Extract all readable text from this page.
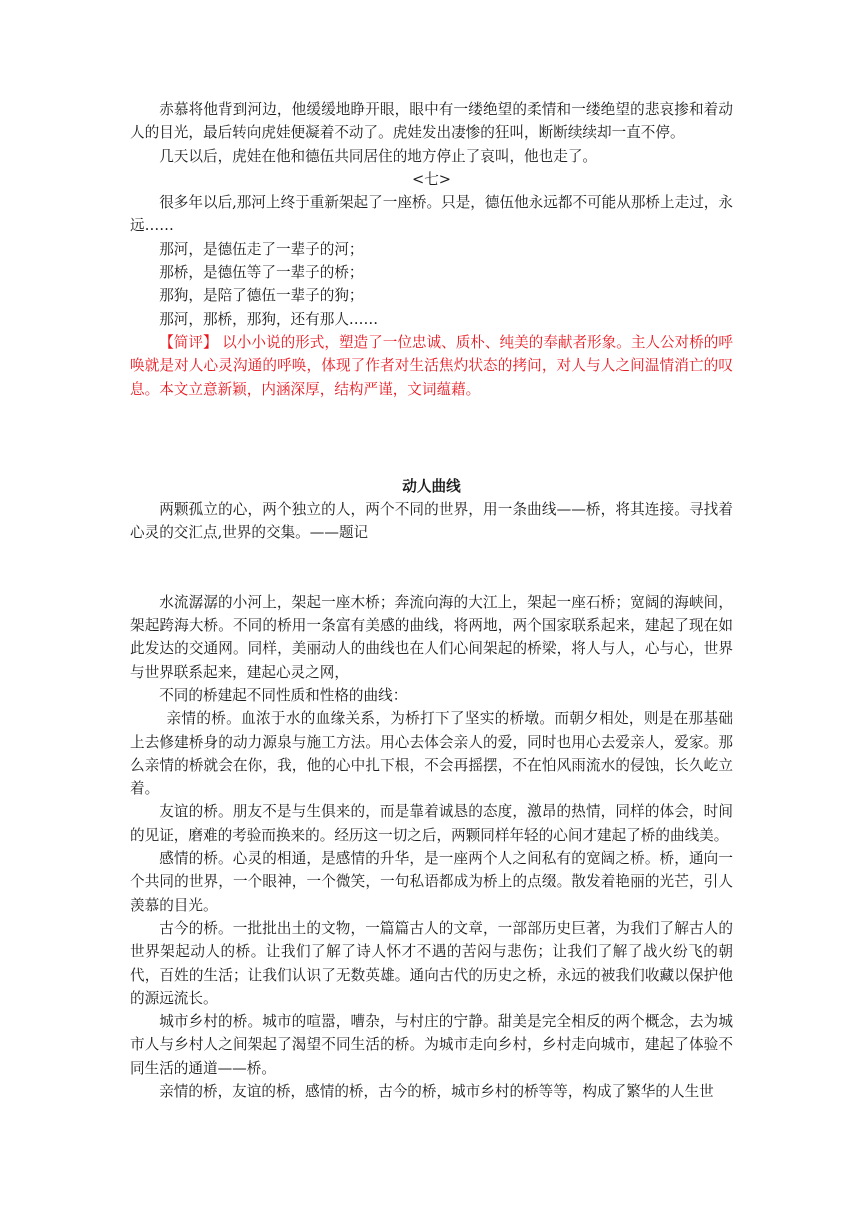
赤慕将他背到河边，他缓缓地睁开眼，眼中有一缕绝望的柔情和一缕绝望的悲哀掺和着动人的目光，最后转向虎娃便凝着不动了。虎娃发出凄惨的狂叫，断断续续却一直不停。

几天以后，虎娃在他和德伍共同居住的地方停止了哀叫，他也走了。

<七>

很多年以后,那河上终于重新架起了一座桥。只是，德伍他永远都不可能从那桥上走过，永远……

那河，是德伍走了一辈子的河；

那桥，是德伍等了一辈子的桥；

那狗，是陪了德伍一辈子的狗；

那河，那桥，那狗，还有那人……

【简评】 以小小说的形式，塑造了一位忠诚、质朴、纯美的奉献者形象。主人公对桥的呼唤就是对人心灵沟通的呼唤，体现了作者对生活焦灼状态的拷问，对人与人之间温情消亡的叹息。本文立意新颖，内涵深厚，结构严谨，文词蕴藉。

动人曲线

两颗孤立的心，两个独立的人，两个不同的世界，用一条曲线——桥，将其连接。寻找着心灵的交汇点,世界的交集。——题记

水流潺潺的小河上，架起一座木桥；奔流向海的大江上，架起一座石桥；宽阔的海峡间，架起跨海大桥。不同的桥用一条富有美感的曲线，将两地，两个国家联系起来，建起了现在如此发达的交通网。同样，美丽动人的曲线也在人们心间架起的桥梁，将人与人，心与心，世界与世界联系起来，建起心灵之网，

不同的桥建起不同性质和性格的曲线：

亲情的桥。血浓于水的血缘关系，为桥打下了坚实的桥墩。而朝夕相处，则是在那基础上去修建桥身的动力源泉与施工方法。用心去体会亲人的爱，同时也用心去爱亲人，爱家。那么亲情的桥就会在你，我，他的心中扎下根，不会再摇摆，不在怕风雨流水的侵蚀，长久屹立着。

友谊的桥。朋友不是与生俱来的，而是靠着诚恳的态度，激昂的热情，同样的体会，时间的见证，磨难的考验而换来的。经历这一切之后，两颗同样年轻的心间才建起了桥的曲线美。

感情的桥。心灵的相通，是感情的升华，是一座两个人之间私有的宽阔之桥。桥，通向一个共同的世界，一个眼神，一个微笑，一句私语都成为桥上的点缀。散发着艳丽的光芒，引人羡慕的目光。

古今的桥。一批批出土的文物，一篇篇古人的文章，一部部历史巨著，为我们了解古人的世界架起动人的桥。让我们了解了诗人怀才不遇的苦闷与悲伤；让我们了解了战火纷飞的朝代，百姓的生活；让我们认识了无数英雄。通向古代的历史之桥，永远的被我们收藏以保护他的源远流长。

城市乡村的桥。城市的喧嚣，嘈杂，与村庄的宁静。甜美是完全相反的两个概念，去为城市人与乡村人之间架起了渴望不同生活的桥。为城市走向乡村，乡村走向城市，建起了体验不同生活的通道——桥。

亲情的桥，友谊的桥，感情的桥，古今的桥，城市乡村的桥等等，构成了繁华的人生世
